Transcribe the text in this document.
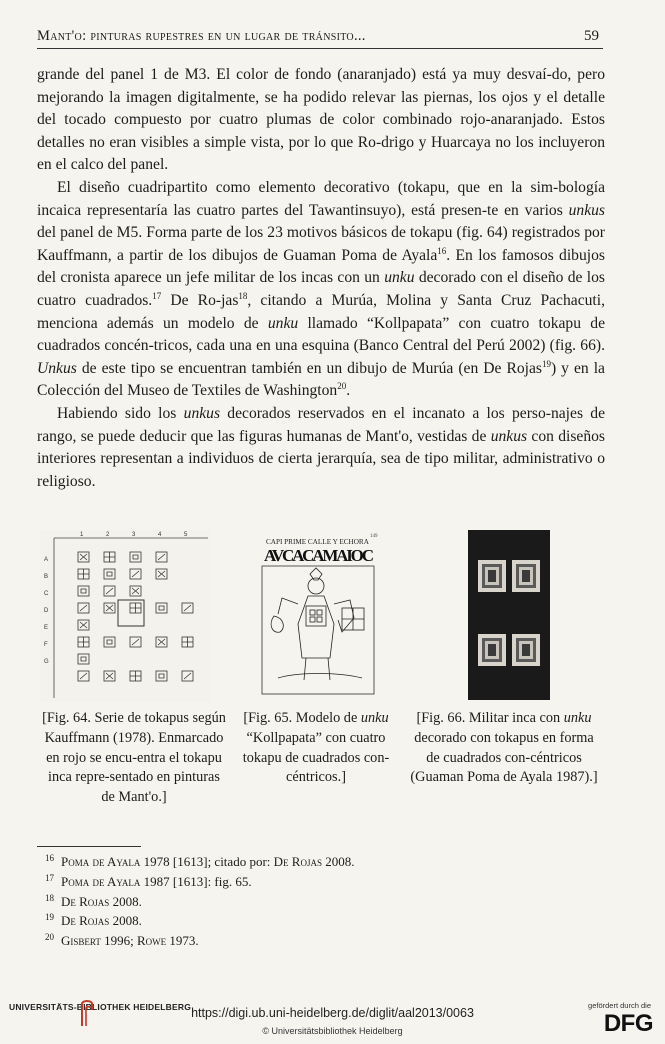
Mant'o: pinturas rupestres en un lugar de tránsito...	59

grande del panel 1 de M3. El color de fondo (anaranjado) está ya muy desvaí-do, pero mejorando la imagen digitalmente, se ha podido relevar las piernas, los ojos y el detalle del tocado compuesto por cuatro plumas de color combinado rojo-anaranjado. Estos detalles no eran visibles a simple vista, por lo que Ro-drigo y Huarcaya no los incluyeron en el calco del panel.

El diseño cuadripartito como elemento decorativo (tokapu, que en la sim-bología incaica representaría las cuatro partes del Tawantinsuyo), está presen-te en varios unkus del panel de M5. Forma parte de los 23 motivos básicos de tokapu (fig. 64) registrados por Kauffmann, a partir de los dibujos de Guaman Poma de Ayala$^{16}$. En los famosos dibujos del cronista aparece un jefe militar de los incas con un unku decorado con el diseño de los cuatro cuadrados.$^{17}$ De Ro-jas$^{18}$, citando a Murúa, Molina y Santa Cruz Pachacuti, menciona además un modelo de unku llamado “Kollpapata” con cuatro tokapu de cuadrados concén-tricos, cada una en una esquina (Banco Central del Perú 2002) (fig. 66). Unkus de este tipo se encuentran también en un dibujo de Murúa (en De Rojas$^{19}$) y en la Colección del Museo de Textiles de Washington$^{20}$.

Habiendo sido los unkus decorados reservados en el incanato a los perso-najes de rango, se puede deducir que las figuras humanas de Mant'o, vestidas de unkus con diseños interiores representan a individuos de cierta jerarquía, sea de tipo militar, administrativo o religioso.

1	2	3	4	5
A
B
C
D
E
F
G
CAPI PRIME CALLE Y ECHORA
149
AVCACAMAIOC
[Fig. 64. Serie de tokapus según Kauffmann (1978). Enmarcado en rojo se encu-entra el tokapu inca repre-sentado en pinturas de Mant'o.]
[Fig. 65. Modelo de unku “Kollpapata” con cuatro tokapu de cuadrados con-céntricos.]
[Fig. 66. Militar inca con unku decorado con tokapus en forma de cuadrados con-céntricos (Guaman Poma de Ayala 1987).]
16 Poma de Ayala 1978 [1613]; citado por: De Rojas 2008.
17 Poma de Ayala 1987 [1613]: fig. 65.
18 De Rojas 2008.
19 De Rojas 2008.
20 Gisbert 1996; Rowe 1973.
UNIVERSITÄTS-BIBLIOTHEK HEIDELBERG https://digi.ub.uni-heidelberg.de/diglit/aal2013/0063
© Universitätsbibliothek Heidelberg
gefördert durch die
DFG
